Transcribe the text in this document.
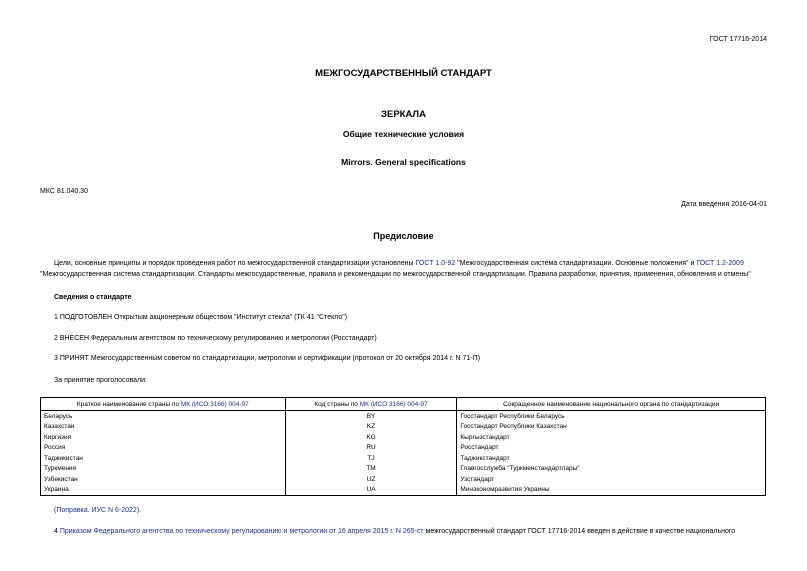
ГОСТ 17716-2014
МЕЖГОСУДАРСТВЕННЫЙ СТАНДАРТ
ЗЕРКАЛА
Общие технические условия
Mirrors. General specifications
МКС 81.040.30
Дата введения 2016-04-01
Предисловие

Цели, основные принципы и порядок проведения работ по межгосударственной стандартизации установлены ГОСТ 1.0-92 "Межгосударственная система стандартизации. Основные положения" и ГОСТ 1.2-2009 "Межгосударственная система стандартизации. Стандарты межгосударственные, правила и рекомендации по межгосударственной стандартизации. Правила разработки, принятия, применения, обновления и отмены"

Сведения о стандарте

1 ПОДГОТОВЛЕН Открытым акционерным обществом "Институт стекла" (ТК 41 "Стекло")

2 ВНЕСЕН Федеральным агентством по техническому регулированию и метрологии (Росстандарт)

3 ПРИНЯТ Межгосударственным советом по стандартизации, метрологии и сертификации (протокол от 20 октября 2014 г. N 71-П)

За принятие проголосовали:

Краткое наименование страны по МК (ИСО 3166) 004-97	Код страны по МК (ИСО 3166) 004-97	Сокращенное наименование национального органа по стандартизации
Беларусь	BY	Госстандарт Республики Беларусь
Казахстан	KZ	Госстандарт Республики Казахстан
Киргизия	KG	Кыргызстандарт
Россия	RU	Росстандарт
Таджикистан	TJ	Таджикстандарт
Туркмения	TM	Главгосслужба "Туркменстандартлары"
Узбекистан	UZ	Узстандарт
Украина	UA	Минэкономразвития Украины

(Поправка. ИУС N 6-2022).

4 Приказом Федерального агентства по техническому регулированию и метрологии от 16 апреля 2015 г. N 265-ст межгосударственный стандарт ГОСТ 17716-2014 введен в действие в качестве национального
